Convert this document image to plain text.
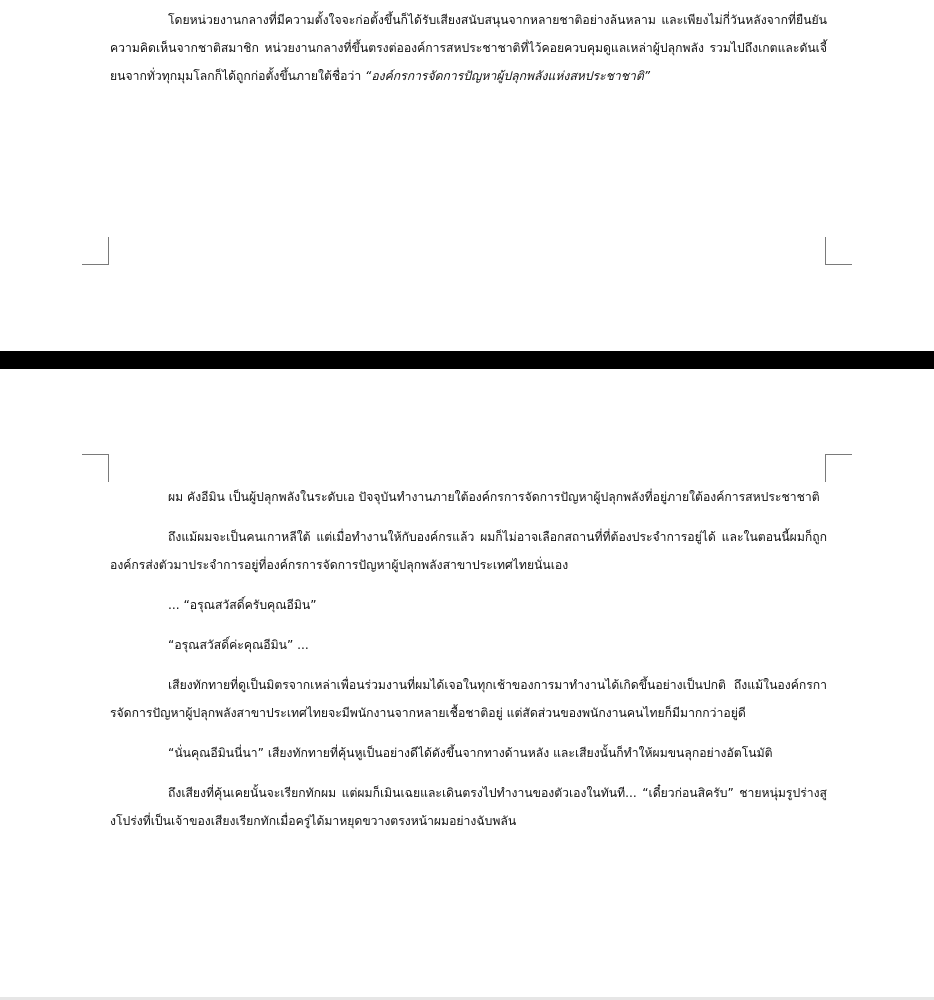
โดยหน่วยงานกลางที่มีความตั้งใจจะก่อตั้งขึ้นก็ได้รับเสียงสนับสนุนจากหลายชาติอย่างล้นหลาม และเพียงไม่กี่วันหลังจากที่ยืนยันความคิดเห็นจากชาติสมาชิก หน่วยงานกลางที่ขึ้นตรงต่อองค์การสหประชาชาติที่ไว้คอยควบคุมดูแลเหล่าผู้ปลุกพลัง รวมไปถึงเกตและดันเจี้ยนจากทั่วทุกมุมโลกก็ได้ถูกก่อตั้งขึ้นภายใต้ชื่อว่า “องค์กรการจัดการปัญหาผู้ปลุกพลังแห่งสหประชาชาติ”

ผม คังอีมิน เป็นผู้ปลุกพลังในระดับเอ ปัจจุบันทำงานภายใต้องค์กรการจัดการปัญหาผู้ปลุกพลังที่อยู่ภายใต้องค์การสหประชาชาติ

ถึงแม้ผมจะเป็นคนเกาหลีใต้ แต่เมื่อทำงานให้กับองค์กรแล้ว ผมก็ไม่อาจเลือกสถานที่ที่ต้องประจำการอยู่ได้ และในตอนนี้ผมก็ถูกองค์กรส่งตัวมาประจำการอยู่ที่องค์กรการจัดการปัญหาผู้ปลุกพลังสาขาประเทศไทยนั่นเอง

... “อรุณสวัสดิ์ครับคุณอีมิน”

“อรุณสวัสดิ์ค่ะคุณอีมิน” ...

เสียงทักทายที่ดูเป็นมิตรจากเหล่าเพื่อนร่วมงานที่ผมได้เจอในทุกเช้าของการมาทำงานได้เกิดขึ้นอย่างเป็นปกติ ถึงแม้ในองค์กรการจัดการปัญหาผู้ปลุกพลังสาขาประเทศไทยจะมีพนักงานจากหลายเชื้อชาติอยู่ แต่สัดส่วนของพนักงานคนไทยก็มีมากกว่าอยู่ดี

“นั่นคุณอีมินนี่นา” เสียงทักทายที่คุ้นหูเป็นอย่างดีได้ดังขึ้นจากทางด้านหลัง และเสียงนั้นก็ทำให้ผมขนลุกอย่างอัตโนมัติ

ถึงเสียงที่คุ้นเคยนั้นจะเรียกทักผม แต่ผมก็เมินเฉยและเดินตรงไปทำงานของตัวเองในทันที... “เดี๋ยวก่อนสิครับ” ชายหนุ่มรูปร่างสูงโปร่งที่เป็นเจ้าของเสียงเรียกทักเมื่อครู่ได้มาหยุดขวางตรงหน้าผมอย่างฉับพลัน
